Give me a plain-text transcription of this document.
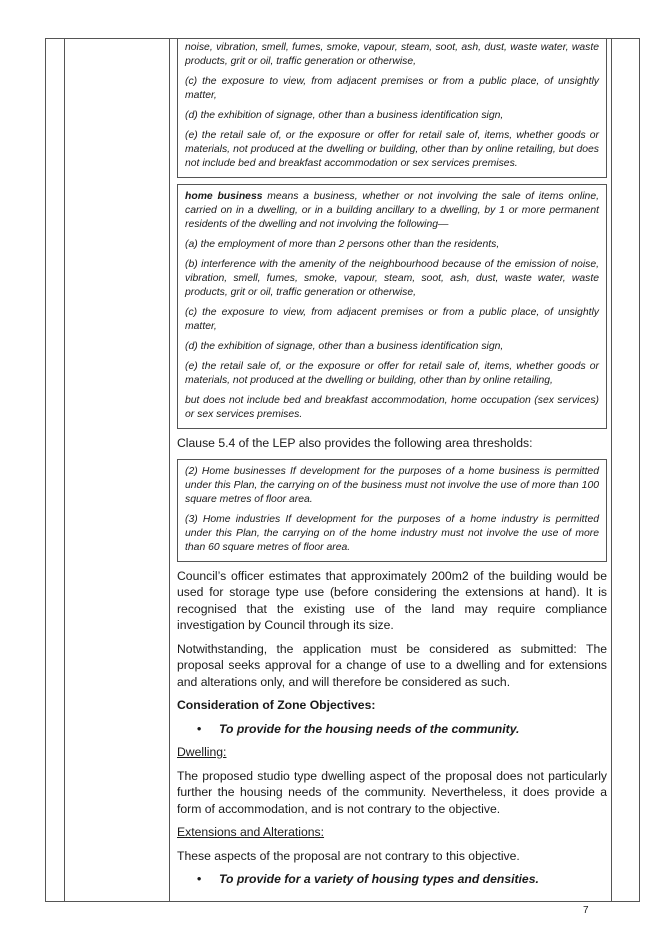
noise, vibration, smell, fumes, smoke, vapour, steam, soot, ash, dust, waste water, waste products, grit or oil, traffic generation or otherwise,

(c) the exposure to view, from adjacent premises or from a public place, of unsightly matter,

(d) the exhibition of signage, other than a business identification sign,

(e) the retail sale of, or the exposure or offer for retail sale of, items, whether goods or materials, not produced at the dwelling or building, other than by online retailing, but does not include bed and breakfast accommodation or sex services premises.

home business means a business, whether or not involving the sale of items online, carried on in a dwelling, or in a building ancillary to a dwelling, by 1 or more permanent residents of the dwelling and not involving the following—

(a) the employment of more than 2 persons other than the residents,

(b) interference with the amenity of the neighbourhood because of the emission of noise, vibration, smell, fumes, smoke, vapour, steam, soot, ash, dust, waste water, waste products, grit or oil, traffic generation or otherwise,

(c) the exposure to view, from adjacent premises or from a public place, of unsightly matter,

(d) the exhibition of signage, other than a business identification sign,

(e) the retail sale of, or the exposure or offer for retail sale of, items, whether goods or materials, not produced at the dwelling or building, other than by online retailing,

but does not include bed and breakfast accommodation, home occupation (sex services) or sex services premises.

Clause 5.4 of the LEP also provides the following area thresholds:

(2) Home businesses If development for the purposes of a home business is permitted under this Plan, the carrying on of the business must not involve the use of more than 100 square metres of floor area.

(3) Home industries If development for the purposes of a home industry is permitted under this Plan, the carrying on of the home industry must not involve the use of more than 60 square metres of floor area.

Council’s officer estimates that approximately 200m2 of the building would be used for storage type use (before considering the extensions at hand). It is recognised that the existing use of the land may require compliance investigation by Council through its size.

Notwithstanding, the application must be considered as submitted: The proposal seeks approval for a change of use to a dwelling and for extensions and alterations only, and will therefore be considered as such.

Consideration of Zone Objectives:

• To provide for the housing needs of the community.

Dwelling:

The proposed studio type dwelling aspect of the proposal does not particularly further the housing needs of the community. Nevertheless, it does provide a form of accommodation, and is not contrary to the objective.

Extensions and Alterations:

These aspects of the proposal are not contrary to this objective.

• To provide for a variety of housing types and densities.

7
